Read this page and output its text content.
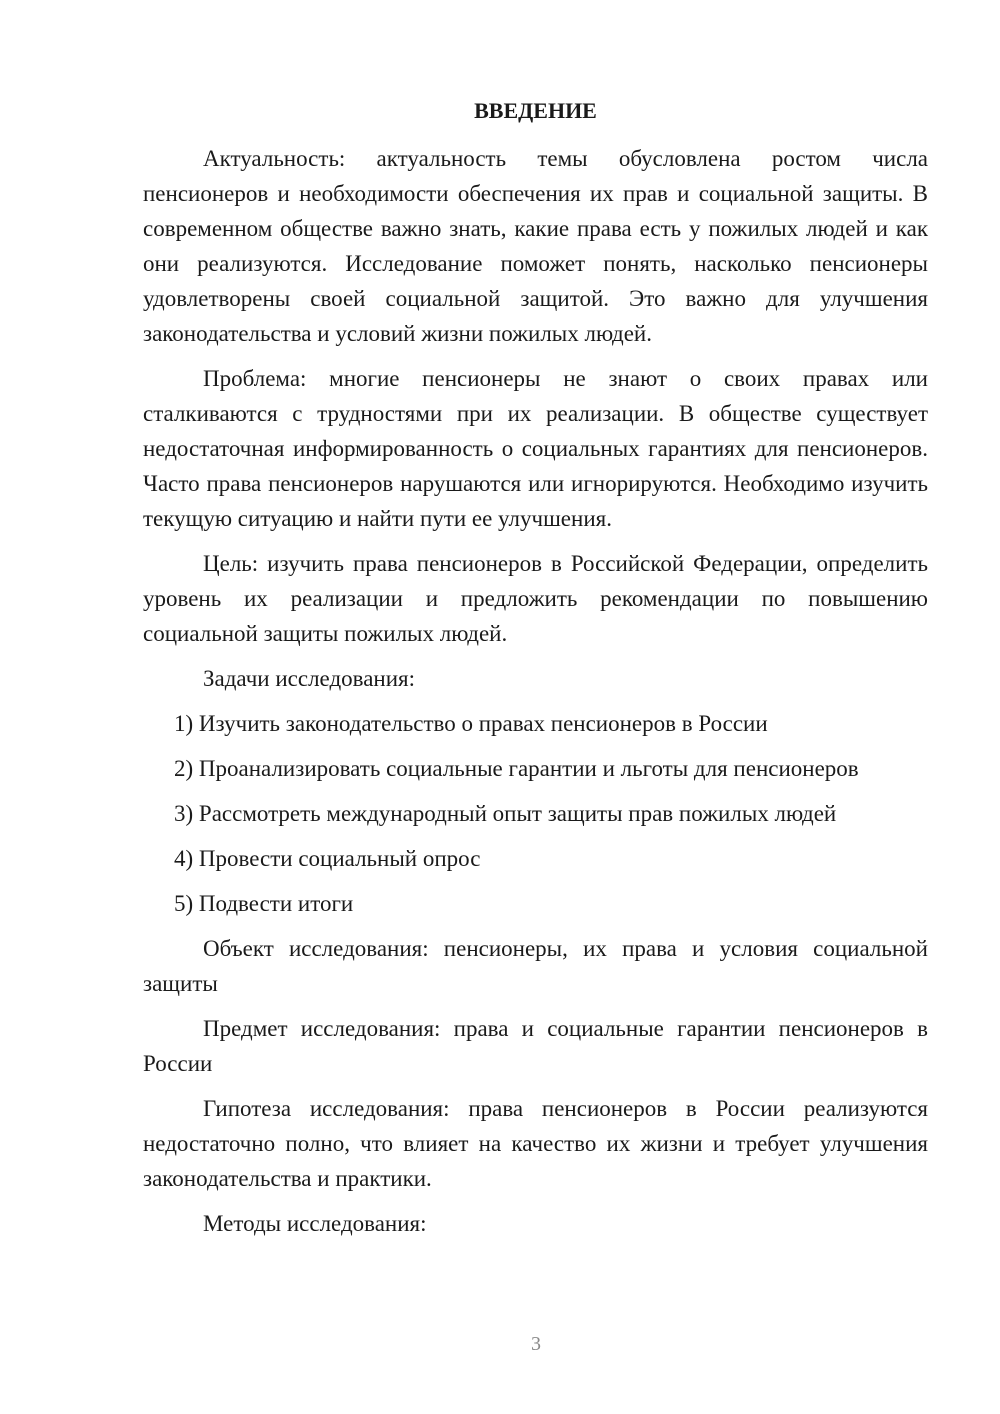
ВВЕДЕНИЕ

Актуальность: актуальность темы обусловлена ростом числа пенсионеров и необходимости обеспечения их прав и социальной защиты. В современном обществе важно знать, какие права есть у пожилых людей и как они реализуются. Исследование поможет понять, насколько пенсионеры удовлетворены своей социальной защитой. Это важно для улучшения законодательства и условий жизни пожилых людей.

Проблема: многие пенсионеры не знают о своих правах или сталкиваются с трудностями при их реализации. В обществе существует недостаточная информированность о социальных гарантиях для пенсионеров. Часто права пенсионеров нарушаются или игнорируются. Необходимо изучить текущую ситуацию и найти пути ее улучшения.

Цель: изучить права пенсионеров в Российской Федерации, определить уровень их реализации и предложить рекомендации по повышению социальной защиты пожилых людей.

Задачи исследования:

1) Изучить законодательство о правах пенсионеров в России

2) Проанализировать социальные гарантии и льготы для пенсионеров

3) Рассмотреть международный опыт защиты прав пожилых людей

4) Провести социальный опрос

5) Подвести итоги

Объект исследования: пенсионеры, их права и условия социальной защиты

Предмет исследования: права и социальные гарантии пенсионеров в России

Гипотеза исследования: права пенсионеров в России реализуются недостаточно полно, что влияет на качество их жизни и требует улучшения законодательства и практики.

Методы исследования:

3
